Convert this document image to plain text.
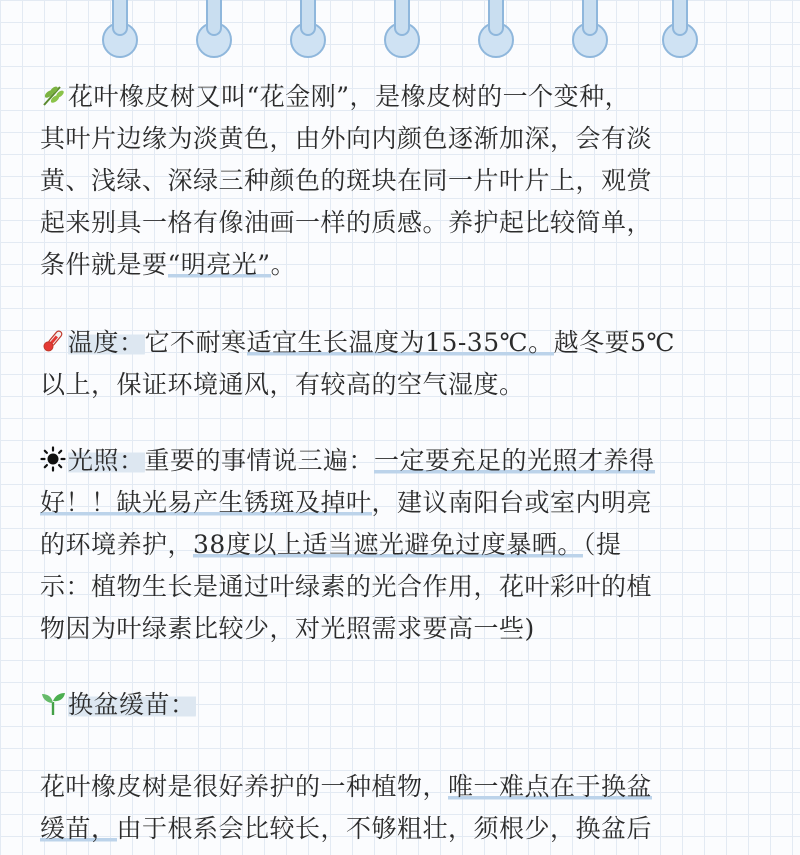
花叶橡皮树又叫“花金刚”，是橡皮树的一个变种，
其叶片边缘为淡黄色，由外向内颜色逐渐加深，会有淡
黄、浅绿、深绿三种颜色的斑块在同一片叶片上，观赏
起来别具一格有像油画一样的质感。养护起比较简单，
条件就是要“明亮光”。
温度：它不耐寒适宜生长温度为15-35℃。越冬要5℃
以上，保证环境通风，有较高的空气湿度。
光照：重要的事情说三遍：一定要充足的光照才养得
好！！缺光易产生锈斑及掉叶，建议南阳台或室内明亮
的环境养护，38度以上适当遮光避免过度暴晒。（提
示：植物生长是通过叶绿素的光合作用，花叶彩叶的植
物因为叶绿素比较少，对光照需求要高一些)
换盆缓苗：
花叶橡皮树是很好养护的一种植物，唯一难点在于换盆
缓苗，由于根系会比较长，不够粗壮，须根少，换盆后
